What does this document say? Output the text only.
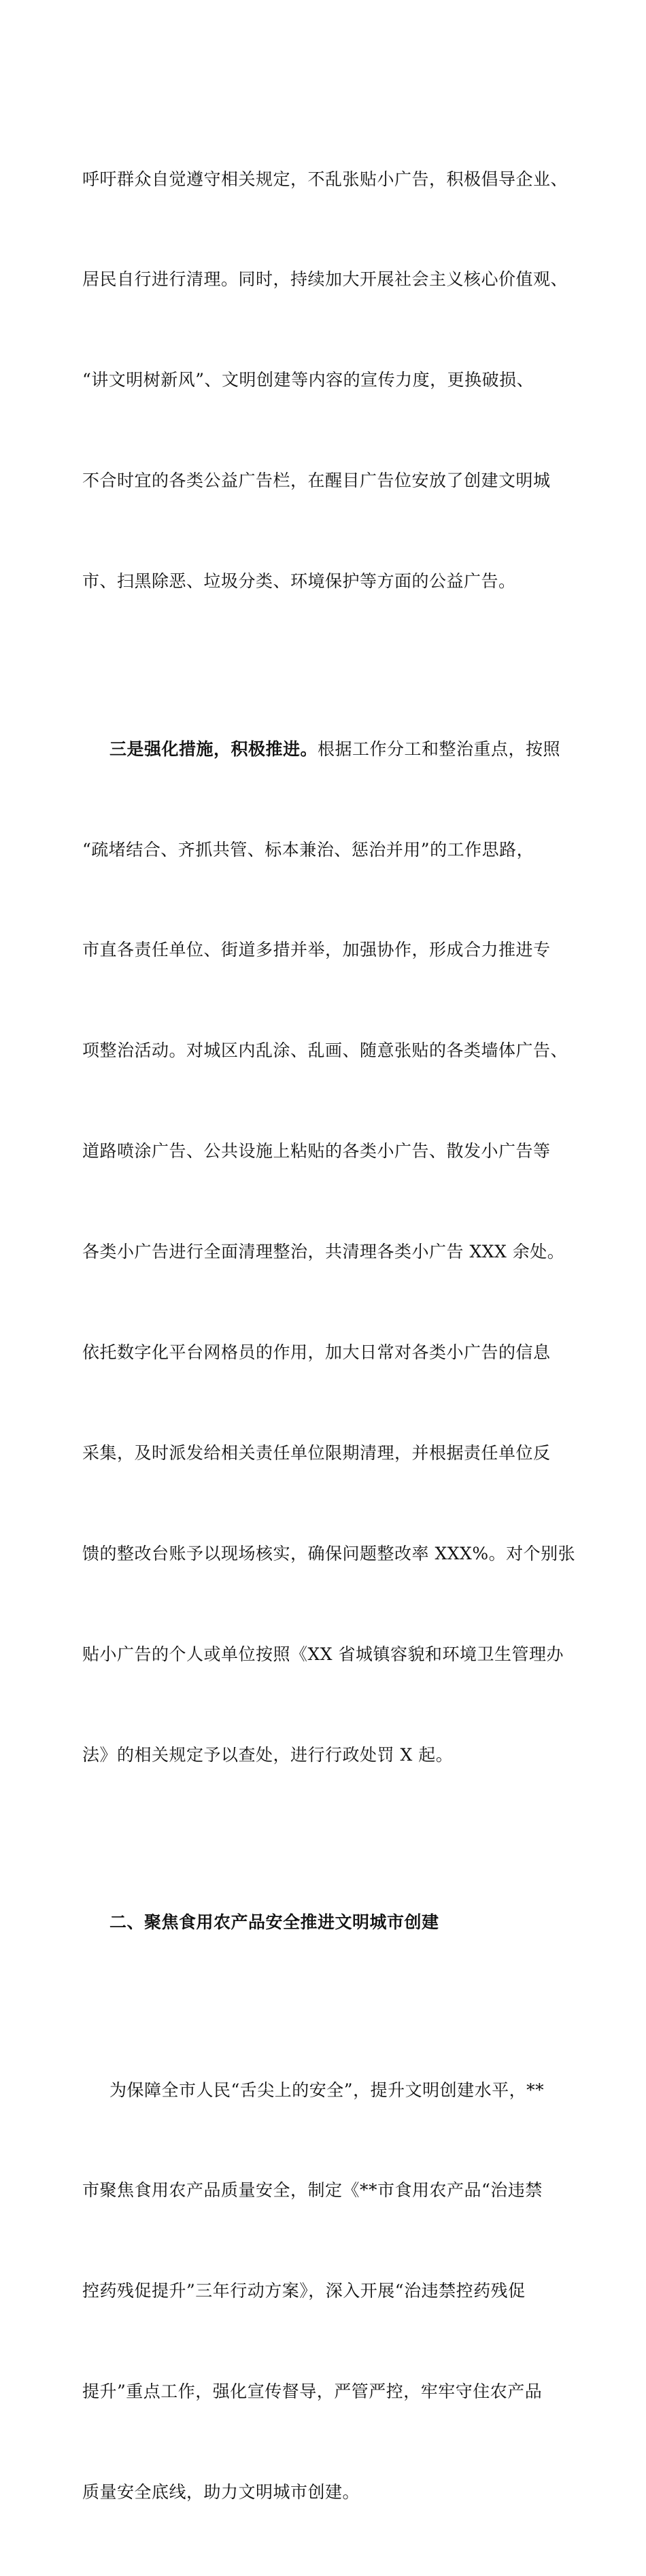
呼吁群众自觉遵守相关规定，不乱张贴小广告，积极倡导企业、

居民自行进行清理。同时，持续加大开展社会主义核心价值观、

“讲文明树新风”、文明创建等内容的宣传力度，更换破损、

不合时宜的各类公益广告栏，在醒目广告位安放了创建文明城

市、扫黑除恶、垃圾分类、环境保护等方面的公益广告。

三是强化措施，积极推进。根据工作分工和整治重点，按照

“疏堵结合、齐抓共管、标本兼治、惩治并用”的工作思路，

市直各责任单位、街道多措并举，加强协作，形成合力推进专

项整治活动。对城区内乱涂、乱画、随意张贴的各类墙体广告、

道路喷涂广告、公共设施上粘贴的各类小广告、散发小广告等

各类小广告进行全面清理整治，共清理各类小广告 XXX 余处。

依托数字化平台网格员的作用，加大日常对各类小广告的信息

采集，及时派发给相关责任单位限期清理，并根据责任单位反

馈的整改台账予以现场核实，确保问题整改率 XXX%。对个别张

贴小广告的个人或单位按照《XX 省城镇容貌和环境卫生管理办

法》的相关规定予以查处，进行行政处罚 X 起。

二、聚焦食用农产品安全推进文明城市创建

为保障全市人民“舌尖上的安全”，提升文明创建水平，**

市聚焦食用农产品质量安全，制定《**市食用农产品“治违禁

控药残促提升”三年行动方案》，深入开展“治违禁控药残促

提升”重点工作，强化宣传督导，严管严控，牢牢守住农产品

质量安全底线，助力文明城市创建。
